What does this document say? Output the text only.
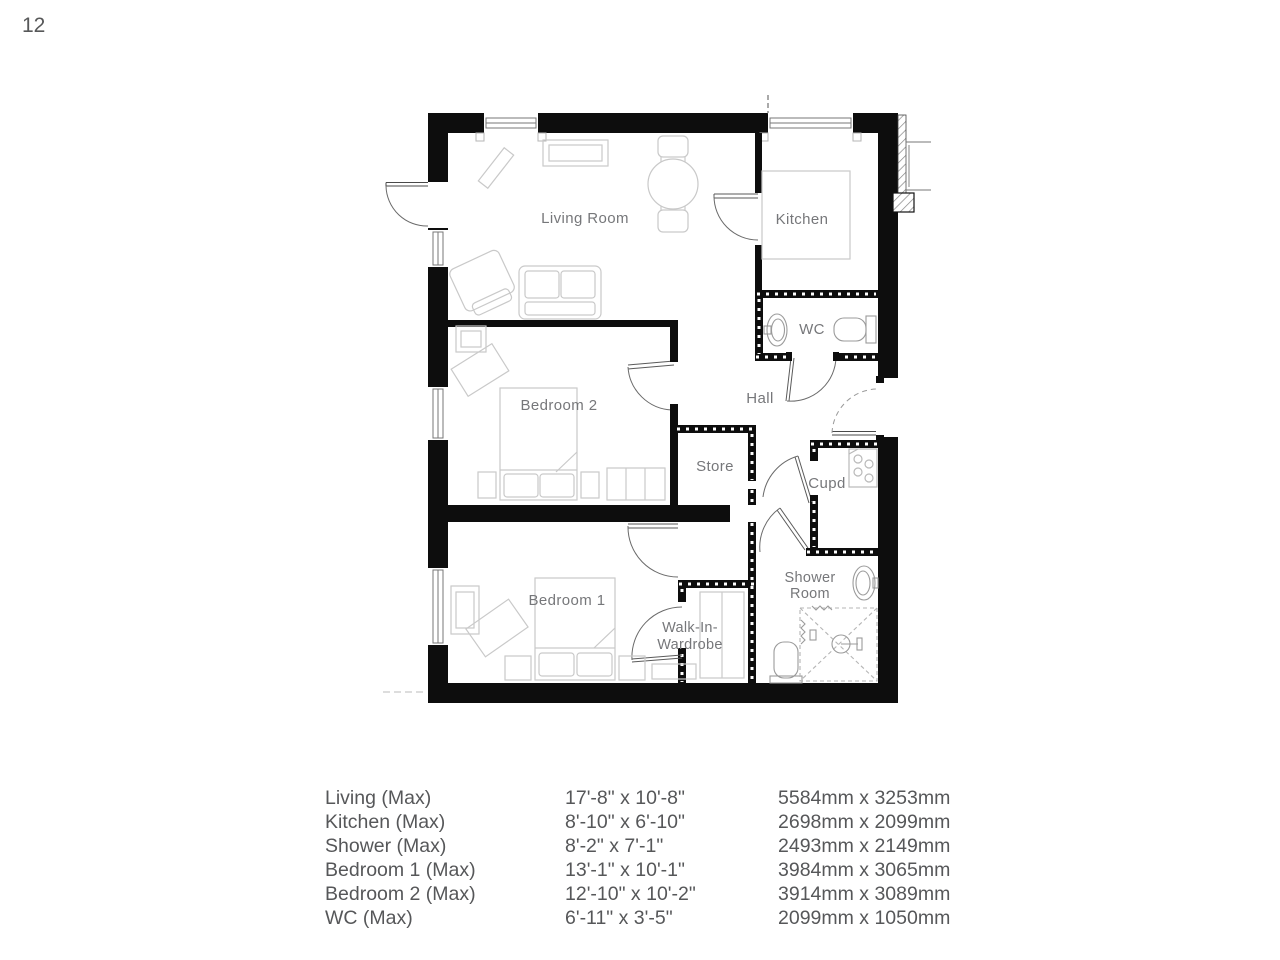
12
Living Room	Kitchen
WC
Hall
Bedroom 2
Store
Cupd
Bedroom 1
Walk-In-
Wardrobe
Shower
Room
Living (Max)	17'-8" x 10'-8"	5584mm x 3253mm
Kitchen (Max)	8'-10" x 6'-10"	2698mm x 2099mm
Shower (Max)	8'-2" x 7'-1"	2493mm x 2149mm
Bedroom 1 (Max)	13'-1" x 10'-1"	3984mm x 3065mm
Bedroom 2 (Max)	12'-10" x 10'-2"	3914mm x 3089mm
WC (Max)	6'-11" x 3'-5"	2099mm x 1050mm
